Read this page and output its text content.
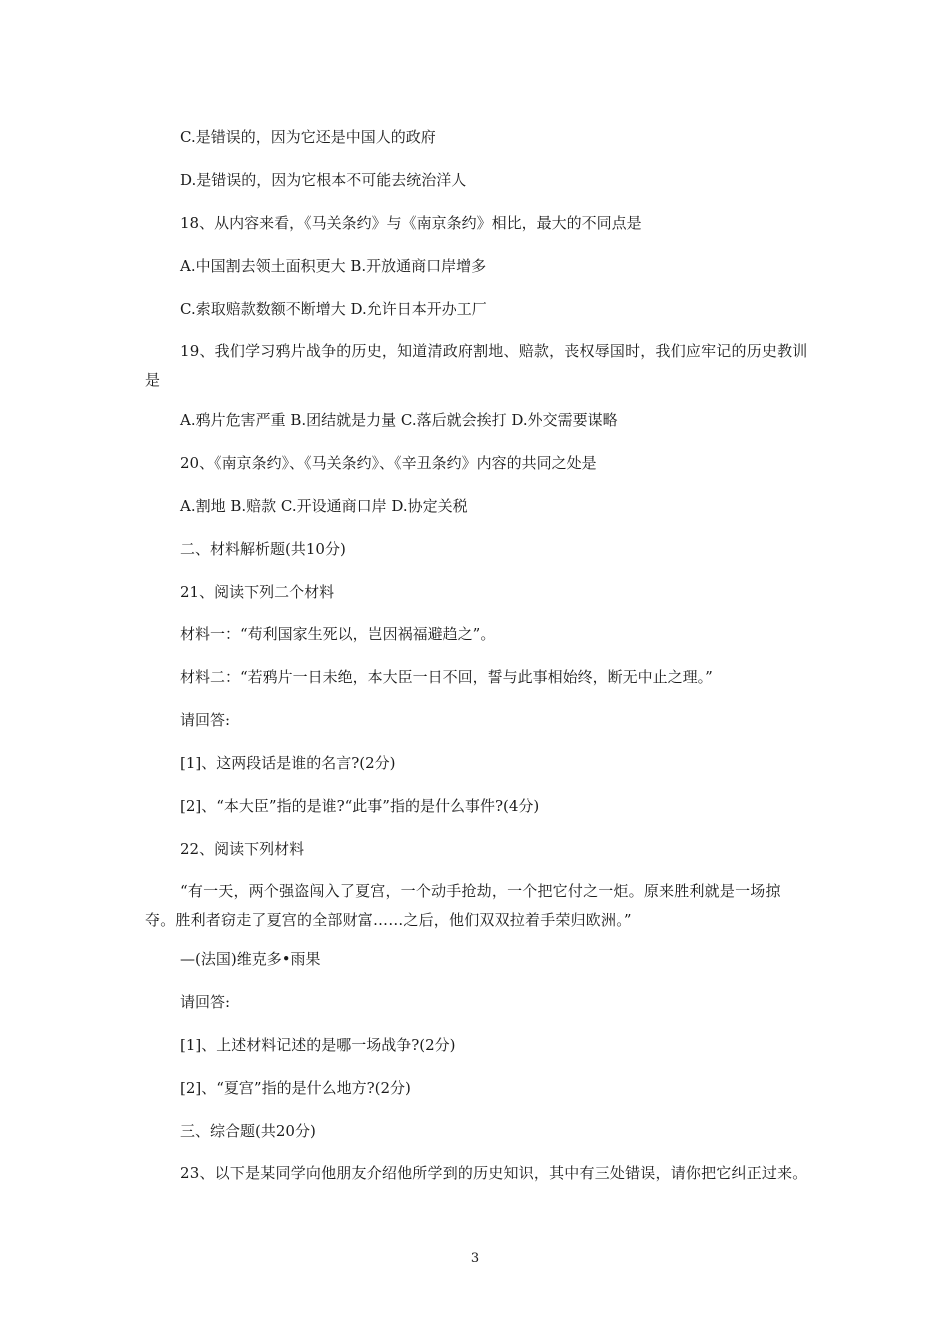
C.是错误的，因为它还是中国人的政府
D.是错误的，因为它根本不可能去统治洋人
18、从内容来看，《马关条约》与《南京条约》相比，最大的不同点是
A.中国割去领土面积更大 B.开放通商口岸增多
C.索取赔款数额不断增大 D.允许日本开办工厂
19、我们学习鸦片战争的历史，知道清政府割地、赔款，丧权辱国时，我们应牢记的历史教训是
A.鸦片危害严重 B.团结就是力量 C.落后就会挨打 D.外交需要谋略
20、《南京条约》、《马关条约》、《辛丑条约》内容的共同之处是
A.割地 B.赔款 C.开设通商口岸 D.协定关税
二、材料解析题(共10分)
21、阅读下列二个材料
材料一：“苟利国家生死以，岂因祸福避趋之”。
材料二：“若鸦片一日未绝，本大臣一日不回，誓与此事相始终，断无中止之理。”
请回答:
[1]、这两段话是谁的名言?(2分)
[2]、“本大臣”指的是谁?“此事”指的是什么事件?(4分)
22、阅读下列材料
“有一天，两个强盗闯入了夏宫，一个动手抢劫，一个把它付之一炬。原来胜利就是一场掠夺。胜利者窃走了夏宫的全部财富……之后，他们双双拉着手荣归欧洲。”
—(法国)维克多•雨果
请回答:
[1]、上述材料记述的是哪一场战争?(2分)
[2]、“夏宫”指的是什么地方?(2分)
三、综合题(共20分)
23、以下是某同学向他朋友介绍他所学到的历史知识，其中有三处错误，请你把它纠正过来。
3
